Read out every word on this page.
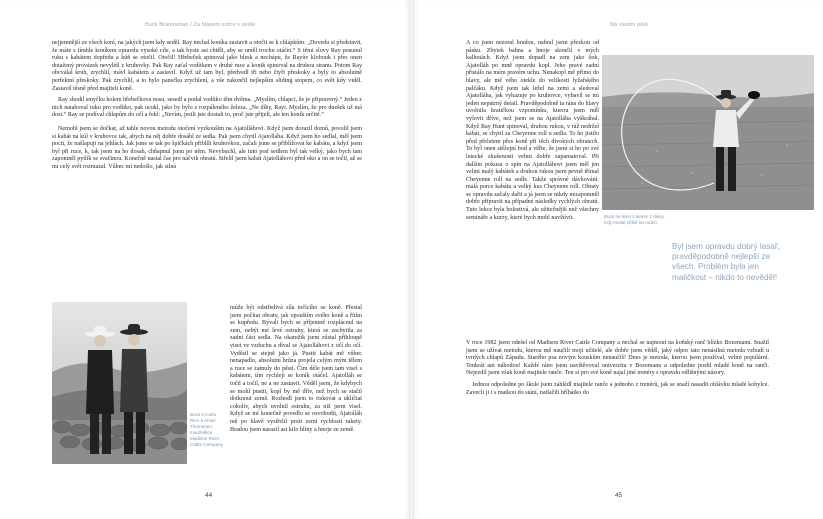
Buck Brannaman / Za hlasem srdce v sedle

nejjemnější ze všech koní, na jakých jsem kdy seděl. Ray nechal koníka zastavit a otočit se k chlápkům: „Dovedu si představit, že máte s tímhle koníkem opravdu vysoké cíle, a tak byste asi chtěli, aby se uměl trochu otáčet.“ S těmi slovy Ray posunul ruku s kabátem dopředu a kůň se otočil. Otočil! Hřebeček spinoval jako blesk a nechápu, že Rayův klobouk i přes onen dotažený provázek nevylétl z kruhovky. Pak Ray zaťal vodítkem v druhé ruce a konik spinoval na druhou stranu. Potom Ray obcválal kruh, zrychlil, mávl kabátem a zastavil. Když už tam byl, předvedl tři nebo čtyři přeskoky a byly to absolutně perfektní přeskoky. Pak zrychlil, a to bylo panečku zrychlení, a vše zakončil nejlepším sliding stopem, co svět kdy viděl. Zastavil těsně před majiteli koně.

Ray shodil smyčku kolem hřebečkova nosu, sesedl a podal vodítko těm dvěma. „Myslím, chlapci, že je připravený.“ Jeden z nich nataboval ruku pro vodítko, pak ucukl, jako by bylo z rozpáleného železa. „Ne díky, Rayi. Myslím, že pro dnešek už má dost.“ Ray se podíval chlapům do očí a řekl: „Nevím, jestli jste dostali to, proč jste přijeli, ale ten koník určitě.“

Nemohl jsem se dočkat, až tahle novou metodu otočení vyzkouším na Ajatolláhovi. Když jsem dorazil domů, povolil jsem si kabát na kůl v kruhovce tak, abych na něj dobře dosáhl ze sedla. Pak jsem chytil Ajatolláha. Když jsem ho sedlal, měl jsem pocit, že našlapuji na jehlách. Jak jsme se tak po špičkách přiblíli kruhovkou, začali jsme se přiblížovat ke kabátu, a když jsem byl při ruce, k, tak jsem na ho dosah, chňapnul jsem po něm. Nevybuchl, ale tuto pod sedlem byl tak velký, jako bych tam zapomněl pytlík se svačinou. Konečně nastal čas pro náčvik obratů. Střelil jsem kabát Ajatolláhovi před oko a on se točil, až se mi celý svět rozmazal. Vůbec mi nedošlo, jak silná

může být odstředivá síla točícího se koně. Přestal jsem počítat obraty, jak opouštím svého koně a řítím se kupředu. Bývali bych se příjemně rozplácnul na zem, nebýt mé levé ostruhy, která se zachytila za zadní část sedla. Na okamžik jsem zůstal přihloupě viset ve vzduchu a díval se Ajatolláhovi z očí do očí. Vyděsil se stejně jako já. Pustit kabát mě vůbec nenapadlo, absolutní hrůza projela celým mým tělem a ruce se zatnuly do pěstí. Čím déle jsem tam visel s kabátem, tím rychleji se koník otáčel. Ajatolláh se točil a točil, ne a ne zastavit. Věděl jsem, že kdybych se mohl pustit, kopl by mě dřív, než bych se stačil dotknout země. Rozhodl jsem to riskovat a uklíčtat cokoliv, abych uvolnil ostruhu, za niž jsem visel. Když se mi konečně povedlo se osvobodit, Ajatolláh mě po hlavě vystřelil proti zemi rychlostí rakety. Bradou jsem narazil asi kilo hlíny a hnoje ze země.

Buck s Carlo Rico a Ahnie Thomsnen, manželkou Madison River Cattle Company
44
Na vlastní pěst

A co jsem nezoral bradou, nabral jsem přezkou od pásku. Zbytek bahna a hnoje skončil v mých kalhotách. Když jsem dopadl na zem jako žok, Ajatolláh po mně opravdu kopl. Jeho pravé zadní přistálo na mém pravém uchu. Nenakopl mě přímo do hlavy, ale mě vého otekle do velikosti lyžařského palčáku. Když jsem tak ležel na zemi a sledoval Ajatolláha, jak vyhazuje po kruhovce, vybavil se mi jeden nepatrný detail. Pravděpodobně ta rána do hlavy uvolnila kratičkou vzpomínku, kterou jsem měl vylovit dříve, než jsem se na Ajatolláha vyškrábal. Když Ray Hunt spinoval, druhou rukou, v níž nedržel kabát, se chytil za Cheyenne roll u sedla. To ho jistilo před přeletem přes koně při těch divokých obratech. To byl onen stěžejní bod a věřte, že jsem si ho po své letecké zkušenosti velmi dobře zapamatoval. Při dalším pokusu o spin na Ajatolláhovi jsem měl jen velmi malý kabátek a druhou rukou jsem pevně třímal Cheyenne roll na sedle. Takže správné dávkování: malá porce kabátu a velký kus Cheyenne roll. Obraty se opravdu začaly dařit a já jsem se nikdy nezapomněl dobře připravit na případné následky rychlých obratů. Tuto lekce byla bolestivá, ale užitečnější než všechny semináře a kurzy, které bych mohl navštívit.

V roce 1982 jsem odešel od Madison River Cattle Company a nechal se najmout na koňský ranč blízko Bozemanu. Snažil jsem se užívat metodu, kterou mě naučili moji učitelé, ale dobře jsem věděl, jaký odpor tato nenásilná metoda vzbudí u tvrdých chlapů Západu. Starého psa novým kouskům nenaučíš! Dnes je metoda, kterou jsem používal, velmi populární. Tenkrát ani náhodou! Každé ráno jsem navštěvoval univerzitu v Bozemanu a odpoledne jezdil mladé koně na ranči. Nejezdil jsem však koně majitele ranče. Ten si pro své koně najal jiné trenéry s opravdu odlišnými názory.

Jednou odpoledne po škole jsem zahlédl majitele ranče a jednoho z trenérů, jak se snaží nasadit ohlávku mladé kobylce. Zavecli ji i s matkou do stání, natlačili hříbátko do

Buck na lekci s lanem z divky. Kdy Hedal přišel na rodeo.
Byl jsem opravdu dobrý lasař, pravděpodobně nejlepší ze všech. Problém byla jen maličkost – nikdo to nevěděl!
45
